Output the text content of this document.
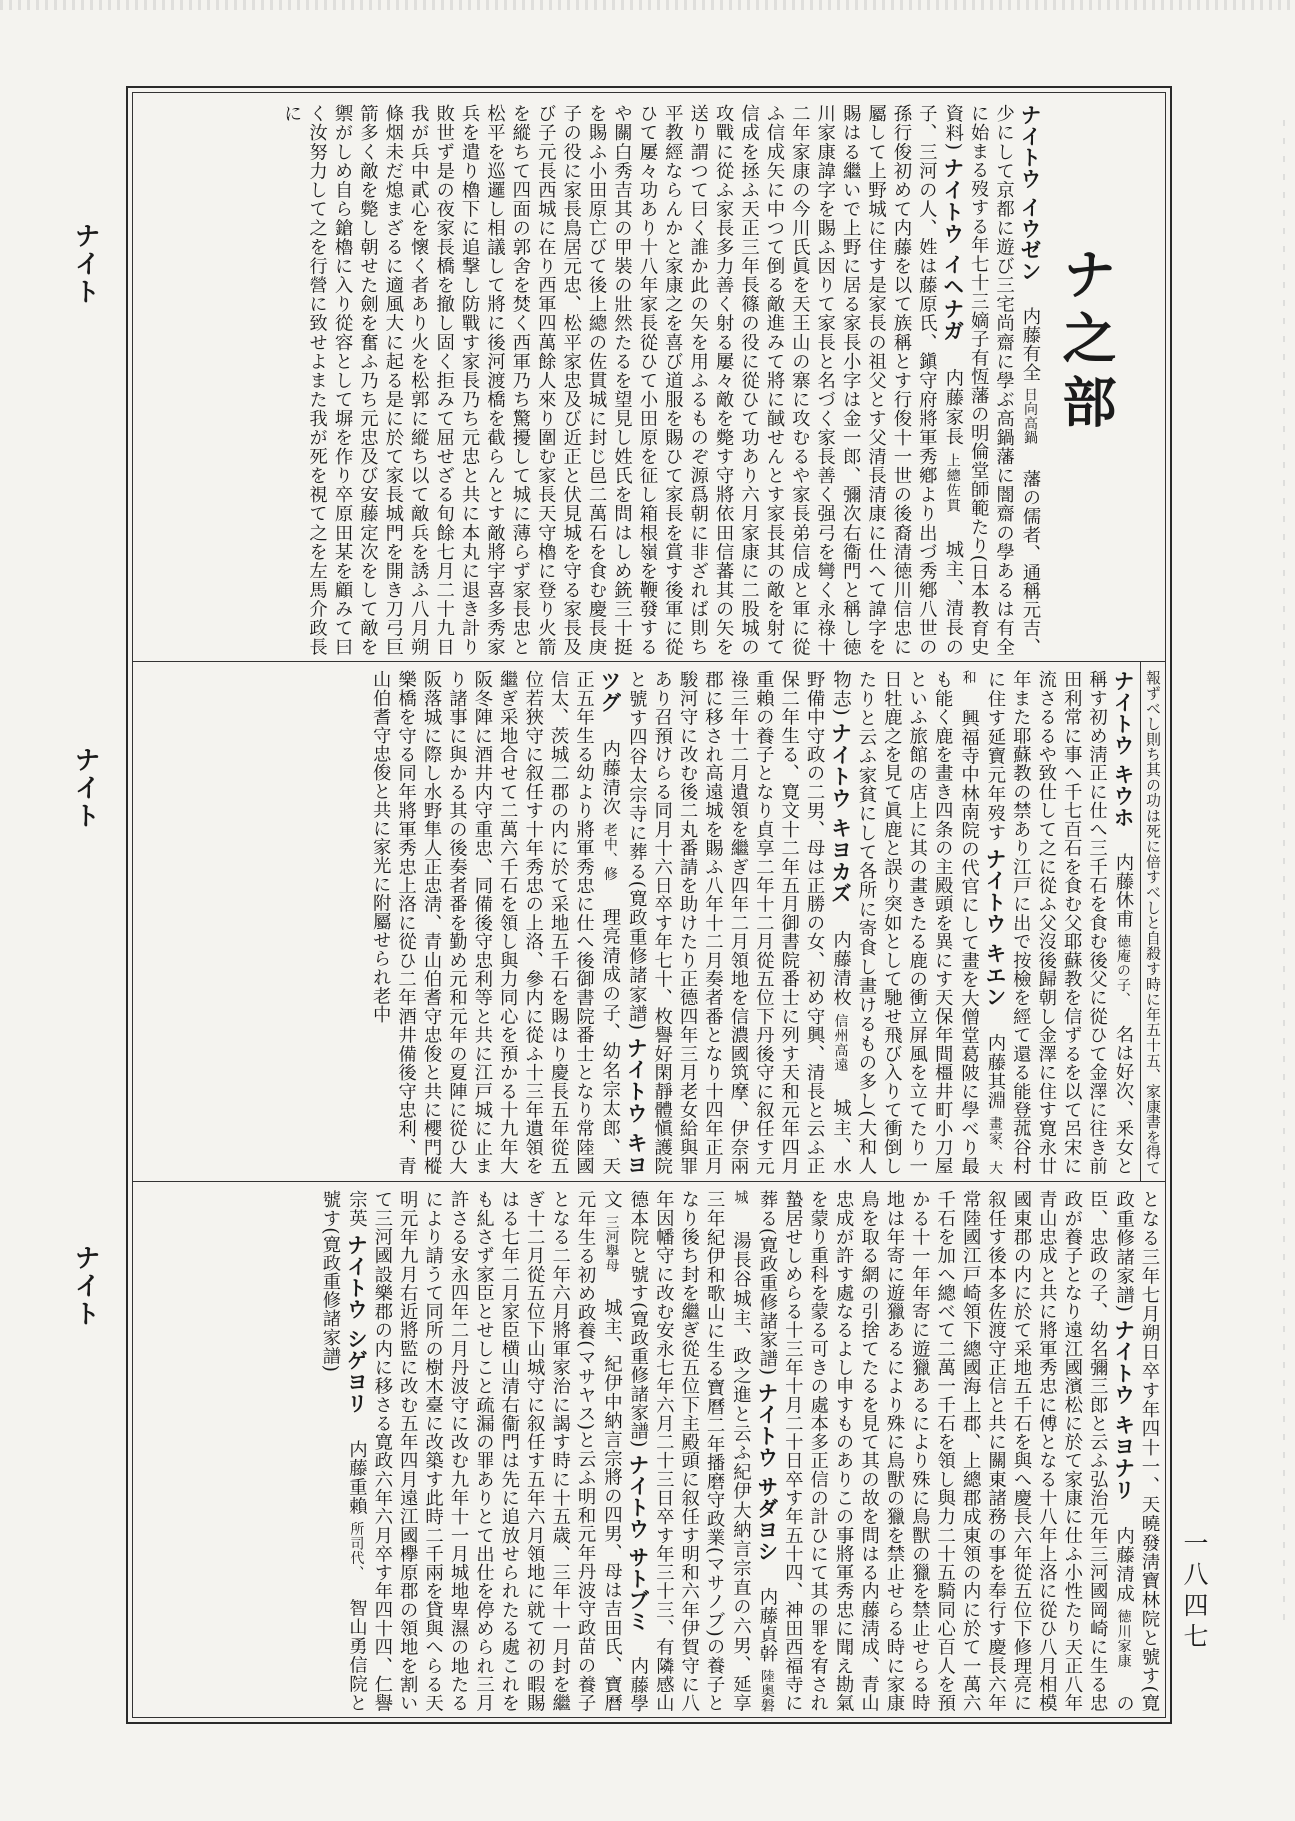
ナイト
ナイト
ナイト
ナ之部
ナイトウ イウゼン　 内藤有全 日向高鍋　 藩の儒者、通稱元吉、少にして京都に遊び三宅尚齋に學ぶ高鍋藩に闇齋の學あるは有全に始まる歿する年七十三嫡子有恆藩の明倫堂師範たり(日本教育史資料) ナイトウ イヘナガ　 内藤家長 上總佐貫　 城主、清長の子、三河の人、姓は藤原氏、鎭守府將軍秀鄕より出づ秀鄕八世の孫行俊初めて内藤を以て族稱とす行俊十一世の後裔清徳川信忠に屬して上野城に住す是家長の祖父とす父清長清康に仕へて諱字を賜はる繼いで上野に居る家長小字は金一郎、彌次右衞門と稱し徳川家康諱字を賜ふ因りて家長と名づく家長善く强弓を彎く永祿十二年家康の今川氏眞を天王山の寨に攻むるや家長弟信成と軍に從ふ信成矢に中つて倒る敵進みて將に馘せんとす家長其の敵を射て信成を拯ふ天正三年長篠の役に從ひて功あり六月家康に二股城の攻戰に從ふ家長多力善く射る屢々敵を斃す守將依田信蕃其の矢を送り謂つて曰く誰か此の矢を用ふるものぞ源爲朝に非ざれば則ち平教經ならんかと家康之を喜び道服を賜ひて家長を賞す後軍に從ひて屢々功あり十八年家長從ひて小田原を征し箱根嶺を鞭發するや關白秀吉其の甲裝の壯然たるを望見し姓氏を問はしめ銃三十挺を賜ふ小田原亡びて後上總の佐貫城に封じ邑二萬石を食む慶長庚子の役に家長鳥居元忠、松平家忠及び近正と伏見城を守る家長及び子元長西城に在り西軍四萬餘人來り圍む家長天守櫓に登り火箭を縱ちて四面の郭舍を焚く西軍乃ち驚擾して城に薄らず家長忠と松平を巡邏し相議して將に後河渡橋を截らんとす敵將宇喜多秀家兵を遣り櫓下に追撃し防戰す家長乃ち元忠と共に本丸に退き計り敗世ず是の夜家長橋を撤し固く拒みて屈せざる旬餘七月二十九日我が兵中貳心を懷く者あり火を松郭に縱ち以て敵兵を誘ふ八月朔條烟未だ熄まざるに適風大に起る是に於て家長城門を開き刀弓巨箭多く敵を斃し朝せた劍を奮ふ乃ち元忠及び安藤定次をして敵を禦がしめ自ら鎗櫓に入り從容として塀を作り卒原田某を顧みて曰く汝努力して之を行營に致せよまた我が死を視て之を左馬介政長に
報ずべし則ち其の功は死に倍すべしと自殺す時に年五十五、家康書を得て
ナイトウ キウホ　 内藤休甫 徳庵の子、　 名は好次、釆女と稱す初め淸正に仕へ三千石を食む後父に從ひて金澤に往き前田利常に事へ千七百石を食む父耶蘇教を信ずるを以て呂宋に流さるるや致仕して之に從ふ父沒後歸朝し金澤に住す寛永廿年また耶蘇教の禁あり江戸に出で按檢を經て還る能登菰谷村に住す延寶元年歿す ナイトウ キエン　 内藤其淵 畫家、大和　 興福寺中林南院の代官にして畫を大僧堂葛陂に學べり最も能く鹿を畫き四条の主殿頭を異にす天保年間橿井町小刀屋といふ旅館の店上に其の畫きたる鹿の衝立屏風を立てたり一日牡鹿之を見て眞鹿と誤り突如として馳せ飛び入りて衝倒したりと云ふ家貧にして各所に寄食し畫けるもの多し(大和人物志) ナイトウ キヨカズ　 内藤清枚 信州高遠　 城主、水野備中守政の二男、母は正勝の女、初め守興、清長と云ふ正保二年生る、寛文十二年五月御書院番士に列す天和元年四月重賴の養子となり貞享二年十二月從五位下丹後守に叙任す元祿三年十二月遺領を繼ぎ四年二月領地を信濃國筑摩、伊奈兩郡に移され高遠城を賜ふ八年十二月奏者番となり十四年正月駿河守に改む後二丸番請を助けたり正德四年三月老女給與罪あり召預けらる同月十六日卒す年七十、枚譽好閑靜體愼護院と號す四谷太宗寺に葬る(寛政重修諸家譜) ナイトウ キヨツグ　 内藤清次 老中、修　 理亮清成の子、幼名宗太郎、天正五年生る幼より將軍秀忠に仕へ後御書院番士となり常陸國信太、茨城二郡の内に於て采地五千石を賜はり慶長五年從五位若狹守に叙任す十年秀忠の上洛、參内に從ふ十三年遺領を繼ぎ采地合せて二萬六千石を領し與力同心を預かる十九年大阪冬陣に酒井内守重忠、同備後守忠利等と共に江戸城に止まり諸事に與かる其の後奏者番を勤め元和元年の夏陣に從ひ大阪落城に際し水野隼人正忠淸、青山伯耆守忠俊と共に櫻門樅樂橋を守る同年將軍秀忠上洛に從ひ二年酒井備後守忠利、青山伯耆守忠俊と共に家光に附屬せられ老中
となる三年七月朔日卒す年四十一、天曉發淸寶林院と號す(寛政重修諸家譜) ナイトウ キヨナリ　 内藤清成 徳川家康　 の臣、忠政の子、幼名彌三郎と云ふ弘治元年三河國岡崎に生る忠政が養子となり遠江國濱松に於て家康に仕ふ小性たり天正八年青山忠成と共に將軍秀忠に傅となる十八年上洛に從ひ八月相模國東郡の内に於て采地五千石を與へ慶長六年從五位下修理亮に叙任す後本多佐渡守正信と共に關東諸務の事を奉行す慶長六年常陸國江戸崎領下總國海上郡、上總郡成東領の内に於て一萬六千石を加へ總べて二萬一千石を領し與力二十五騎同心百人を預かる十一年年寄に遊獵あるにより殊に鳥獸の獵を禁止せらる時地は年寄に遊獵あるにより殊に鳥獸の獵を禁止せらる時に家康鳥を取る網の引捨てたるを見て其の故を問はる内藤淸成、青山忠成が許す處なるよし申すものありこの事將軍秀忠に聞え勘氣を蒙り重科を蒙る可きの處本多正信の計ひにて其の罪を宥され蟄居せしめらる十三年十月二十日卒す年五十四、神田西福寺に葬る(寛政重修諸家譜) ナイトウ サダヨシ　 内藤貞幹 陸奥磐城　 湯長谷城主、政之進と云ふ紀伊大納言宗直の六男、延享三年紀伊和歌山に生る寶曆二年播磨守政業(マサノブ)の養子となり後ち封を繼ぎ從五位下主殿頭に叙任す明和六年伊賀守に八年因幡守に改む安永七年六月二十三日卒す年三十三、有隣感山德本院と號す(寛政重修諸家譜) ナイトウ サトブミ　 内藤學文 三河擧母　 城主、紀伊中納言宗將の四男、母は吉田氏、寶曆元年生る初め政養(マサヤス)と云ふ明和元年丹波守政苗の養子となる二年六月將軍家治に謁す時に十五歳、三年十一月封を繼ぎ十二月從五位下山城守に叙任す五年六月領地に就て初の暇賜はる七年二月家臣横山清右衞門は先に追放せられたる處これをも糺さず家臣とせしこと疏漏の罪ありとて出仕を停められ三月許さる安永四年二月丹波守に改む九年十一月城地卑濕の地たるにより請うて同所の樹木臺に改築す此時二千兩を貸與へらる天明元年九月右近將監に改む五年四月遠江國欅原郡の領地を割いて三河國設樂郡の内に移さる寛政六年六月卒す年四十四、仁譽宗英 ナイトウ シゲヨリ　 内藤重賴 所司代、　 智山勇信院と號す(寛政重修諸家譜)
一八四七
